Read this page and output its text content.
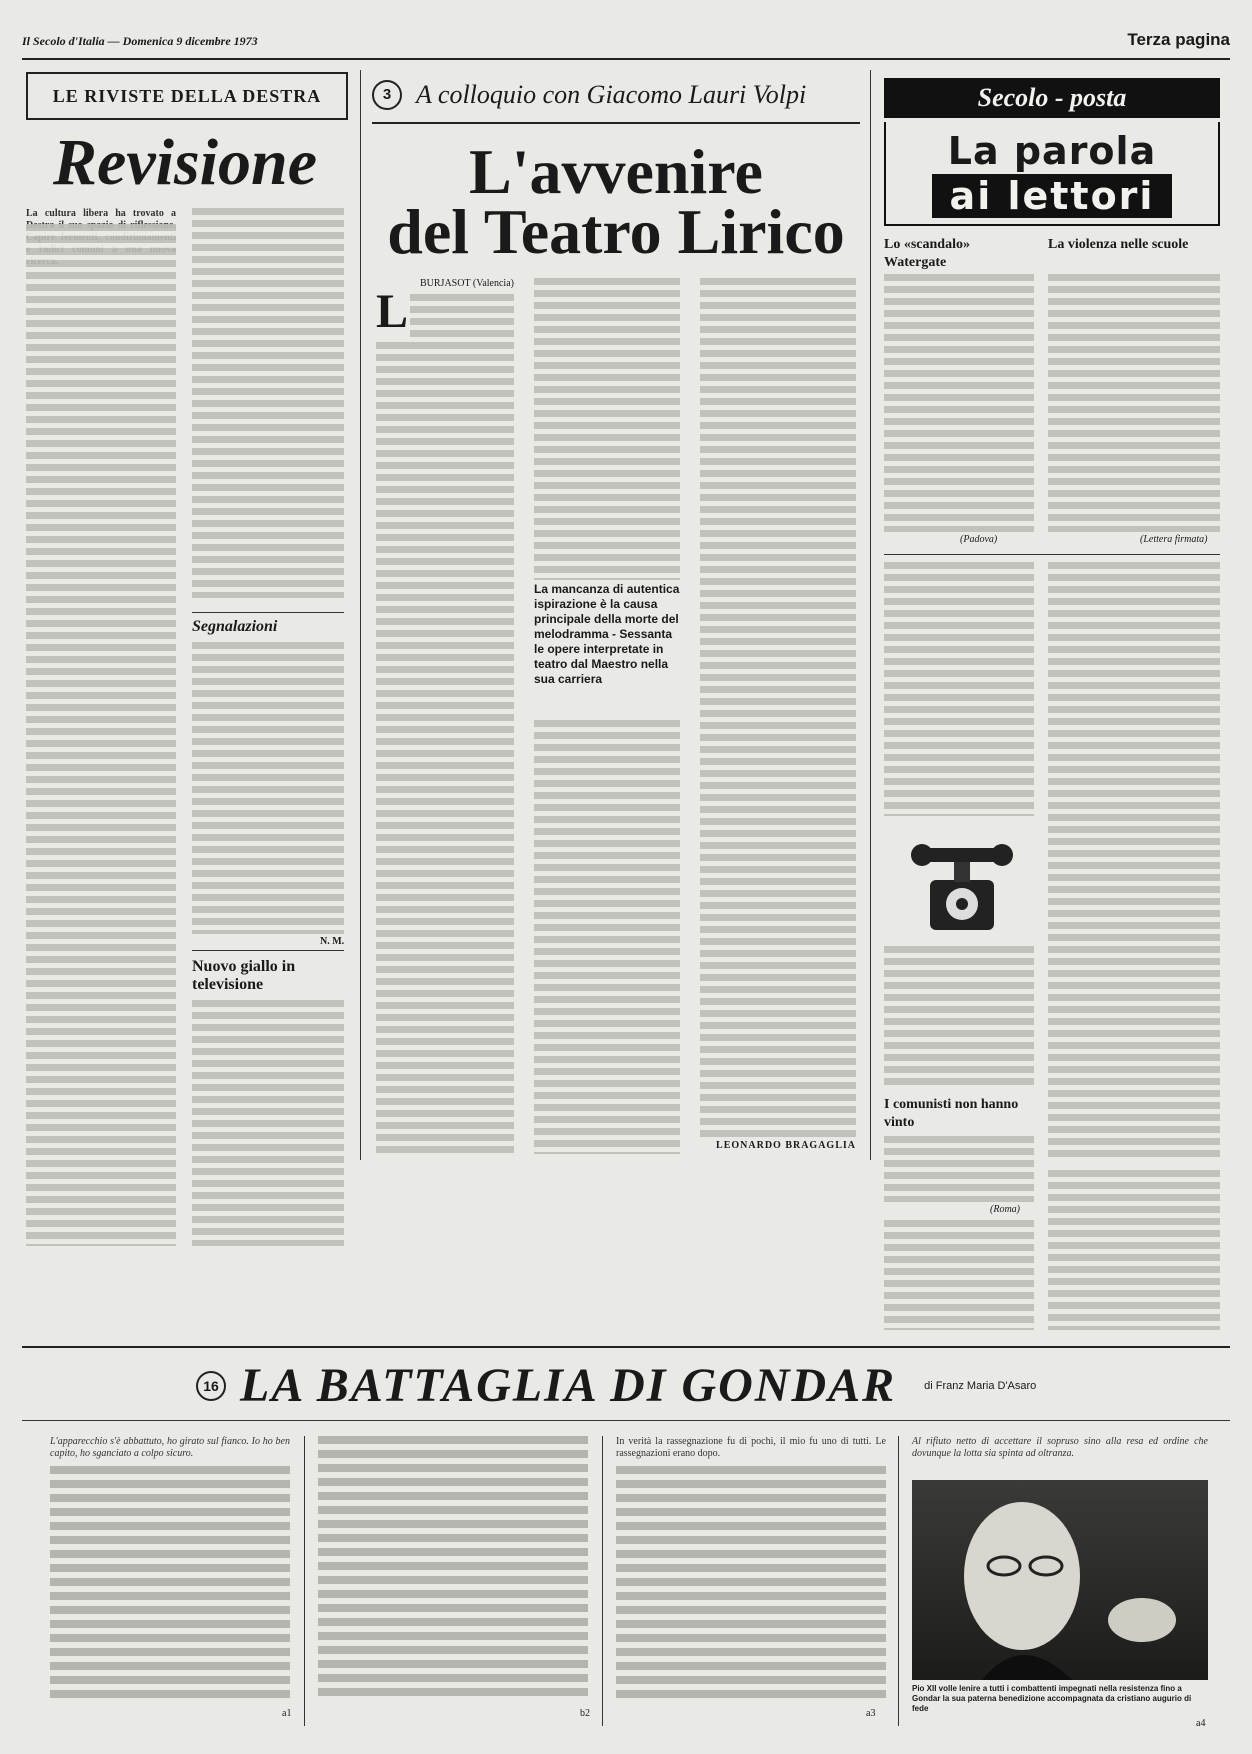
Il Secolo d'Italia — Domenica 9 dicembre 1973	Terza pagina
LE RIVISTE DELLA DESTRA
Revisione
La cultura libera ha trovato a
Segnalazioni
N. M.
Nuovo giallo in televisione
3 A colloquio con Giacomo Lauri Volpi
L'avvenire
del Teatro Lirico
BURJASOT (Valencia)
L
La mancanza di autentica ispirazione è la causa principale della morte del melodramma - Sessanta le opere interpretate in teatro dal Maestro nella sua carriera
LEONARDO BRAGAGLIA
Secolo - posta
La parola
ai lettori
Lo «scandalo» Watergate
(Padova)
La violenza nelle scuole
(Lettera firmata)
I comunisti non hanno vinto
(Roma)
16 LA BATTAGLIA DI GONDAR	di Franz Maria D'Asaro
L'apparecchio s'è abbattuto, ho girato sul fianco. Io ho ben capito, ho sganciato a colpo sicuro.
a1	b2
In verità la rassegnazione fu di pochi, il mio fu uno di tutti. Le rassegnazioni erano dopo.
a3
Al rifiuto netto di accettare il sopruso sino alla resa ed ordine che dovunque la lotta sia spinta ad oltranza.
Pio XII volle lenire a tutti i combattenti impegnati nella resistenza fino a Gondar la sua paterna benedizione accompagnata da cristiano augurio di fede
a4
